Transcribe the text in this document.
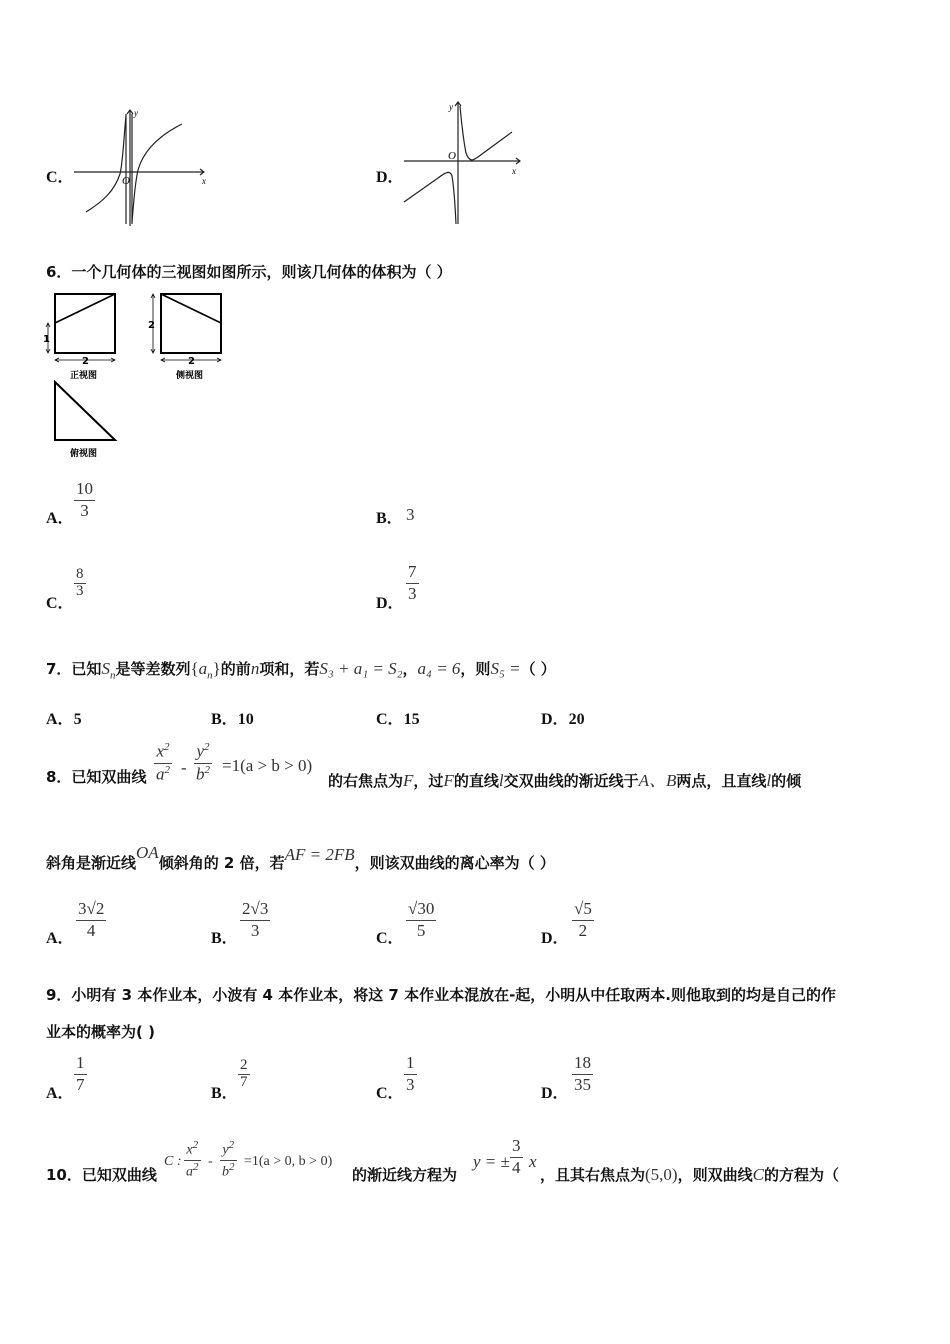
C．	O	x
y
D．
O
x
y
6．一个几何体的三视图如图所示，则该几何体的体积为（ ）
1
2
2
2
正视图	侧视图
俯视图
A．
10
3	B． 3
C．
$\frac{8}{3}$
D．
7
3
7．已知$S_n$是等差数列$\{a_n\}$的前n项和，若S₃ + a₁ = S₂，a₄ = 6，则S₅ =（ ）
A．5	B．10	C．15	D．20
8．已知双曲线
$x^2$
$a^2$ -
$y^2$
$b^2 =1(a > b > 0)$
的右焦点为F，过F的直线l交双曲线的渐近线于A、B两点，且直线l的倾
斜角是渐近线OA倾斜角的 2 倍，若AF = 2FB，则该双曲线的离心率为（ ）
A．
3√2
4	B．
2√3
3	C．
√30
5	D．
√5
2
9．小明有 3 本作业本，小波有 4 本作业本，将这 7 本作业本混放在-起，小明从中任取两本.则他取到的均是自己的作
业本的概率为( )
A．
1
7	B．
$\frac{2}{7}$
C．
1
3	D．
18
35
10．已知双曲线
C :
$x^2$
$a^2$ -
$y^2$
$b^2 =1(a > 0$, b > 0)
的渐近线方程为
y = ±
3
4 x
，且其右焦点为(5,0)，则双曲线C的方程为（
